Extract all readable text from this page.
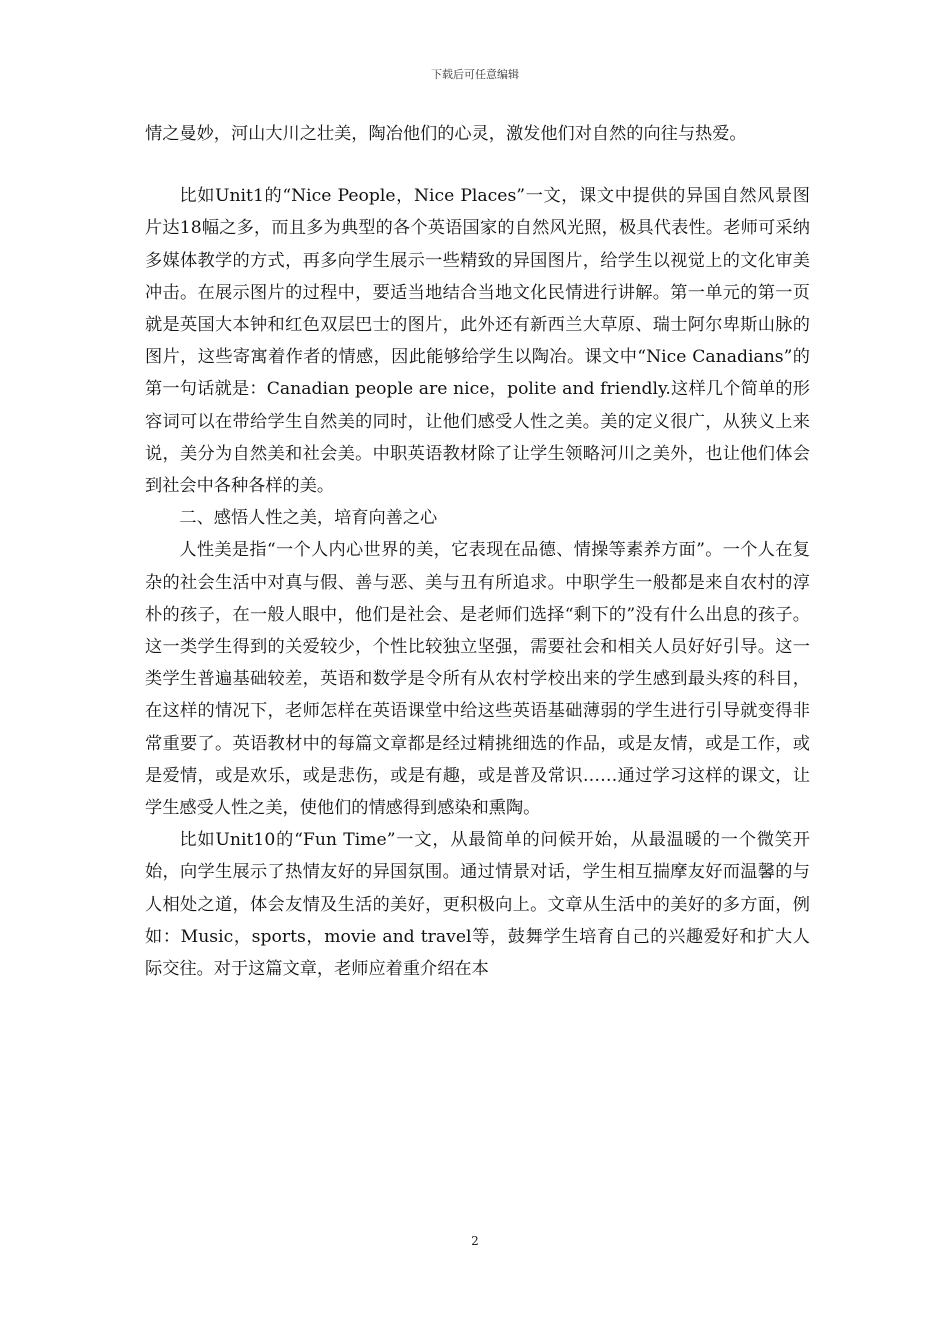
下载后可任意编辑

情之曼妙，河山大川之壮美，陶冶他们的心灵，激发他们对自然的向往与热爱。

比如Unit1的“Nice People，Nice Places”一文，课文中提供的异国自然风景图片达18幅之多，而且多为典型的各个英语国家的自然风光照，极具代表性。老师可采纳多媒体教学的方式，再多向学生展示一些精致的异国图片，给学生以视觉上的文化审美冲击。在展示图片的过程中，要适当地结合当地文化民情进行讲解。第一单元的第一页就是英国大本钟和红色双层巴士的图片，此外还有新西兰大草原、瑞士阿尔卑斯山脉的图片，这些寄寓着作者的情感，因此能够给学生以陶冶。课文中“Nice Canadians”的第一句话就是：Canadian people are nice，polite and friendly.这样几个简单的形容词可以在带给学生自然美的同时，让他们感受人性之美。美的定义很广，从狭义上来说，美分为自然美和社会美。中职英语教材除了让学生领略河川之美外，也让他们体会到社会中各种各样的美。

二、感悟人性之美，培育向善之心

人性美是指“一个人内心世界的美，它表现在品德、情操等素养方面”。一个人在复杂的社会生活中对真与假、善与恶、美与丑有所追求。中职学生一般都是来自农村的淳朴的孩子，在一般人眼中，他们是社会、是老师们选择“剩下的”没有什么出息的孩子。这一类学生得到的关爱较少，个性比较独立坚强，需要社会和相关人员好好引导。这一类学生普遍基础较差，英语和数学是令所有从农村学校出来的学生感到最头疼的科目，在这样的情况下，老师怎样在英语课堂中给这些英语基础薄弱的学生进行引导就变得非常重要了。英语教材中的每篇文章都是经过精挑细选的作品，或是友情，或是工作，或是爱情，或是欢乐，或是悲伤，或是有趣，或是普及常识……通过学习这样的课文，让学生感受人性之美，使他们的情感得到感染和熏陶。

比如Unit10的“Fun Time”一文，从最简单的问候开始，从最温暖的一个微笑开始，向学生展示了热情友好的异国氛围。通过情景对话，学生相互揣摩友好而温馨的与人相处之道，体会友情及生活的美好，更积极向上。文章从生活中的美好的多方面，例如：Music，sports，movie and travel等，鼓舞学生培育自己的兴趣爱好和扩大人际交往。对于这篇文章，老师应着重介绍在本

2
